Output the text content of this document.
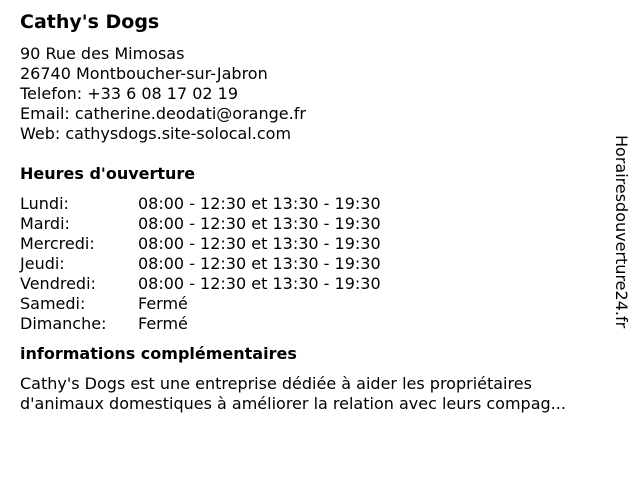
Cathy's Dogs
90 Rue des Mimosas
26740 Montboucher-sur-Jabron
Telefon: +33 6 08 17 02 19
Email: catherine.deodati@orange.fr
Web: cathysdogs.site-solocal.com
Heures d'ouverture
Lundi:	08:00 - 12:30 et 13:30 - 19:30
Mardi:	08:00 - 12:30 et 13:30 - 19:30
Mercredi:	08:00 - 12:30 et 13:30 - 19:30
Jeudi:	08:00 - 12:30 et 13:30 - 19:30
Vendredi:	08:00 - 12:30 et 13:30 - 19:30
Samedi:	Fermé
Dimanche:	Fermé
informations complémentaires
Cathy's Dogs est une entreprise dédiée à aider les propriétaires
d'animaux domestiques à améliorer la relation avec leurs compag...
Horairesdouverture24.fr
